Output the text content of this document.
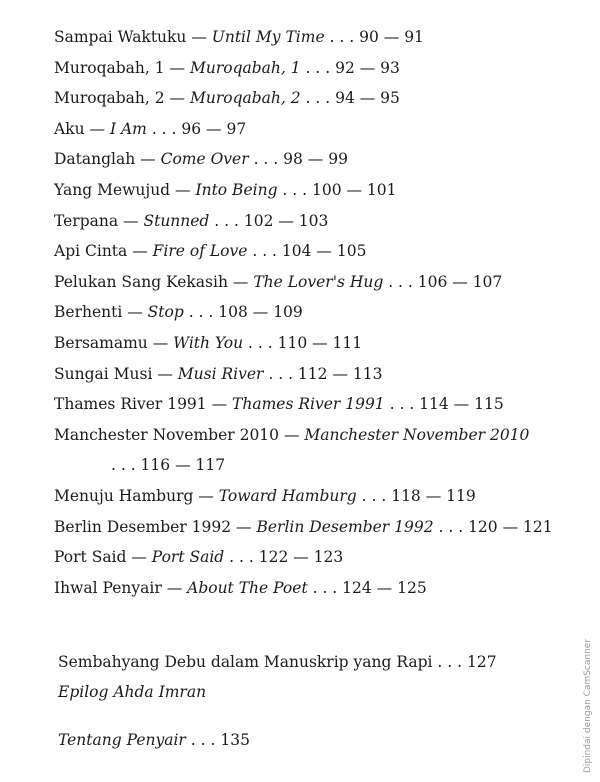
Sampai Waktuku — Until My Time . . . 90 — 91
Muroqabah, 1 — Muroqabah, 1 . . . 92 — 93
Muroqabah, 2 — Muroqabah, 2 . . . 94 — 95
Aku — I Am . . . 96 — 97
Datanglah — Come Over . . . 98 — 99
Yang Mewujud — Into Being . . . 100 — 101
Terpana — Stunned . . . 102 — 103
Api Cinta — Fire of Love . . . 104 — 105
Pelukan Sang Kekasih — The Lover's Hug . . . 106 — 107
Berhenti — Stop . . . 108 — 109
Bersamamu — With You . . . 110 — 111
Sungai Musi — Musi River . . . 112 — 113
Thames River 1991 — Thames River 1991 . . . 114 — 115
Manchester November 2010 — Manchester November 2010
. . . 116 — 117
Menuju Hamburg — Toward Hamburg . . . 118 — 119
Berlin Desember 1992 — Berlin Desember 1992 . . . 120 — 121
Port Said — Port Said . . . 122 — 123
Ihwal Penyair — About The Poet . . . 124 — 125
Sembahyang Debu dalam Manuskrip yang Rapi . . . 127
Epilog Ahda Imran
Tentang Penyair . . . 135	Dipindai dengan CamScanner
